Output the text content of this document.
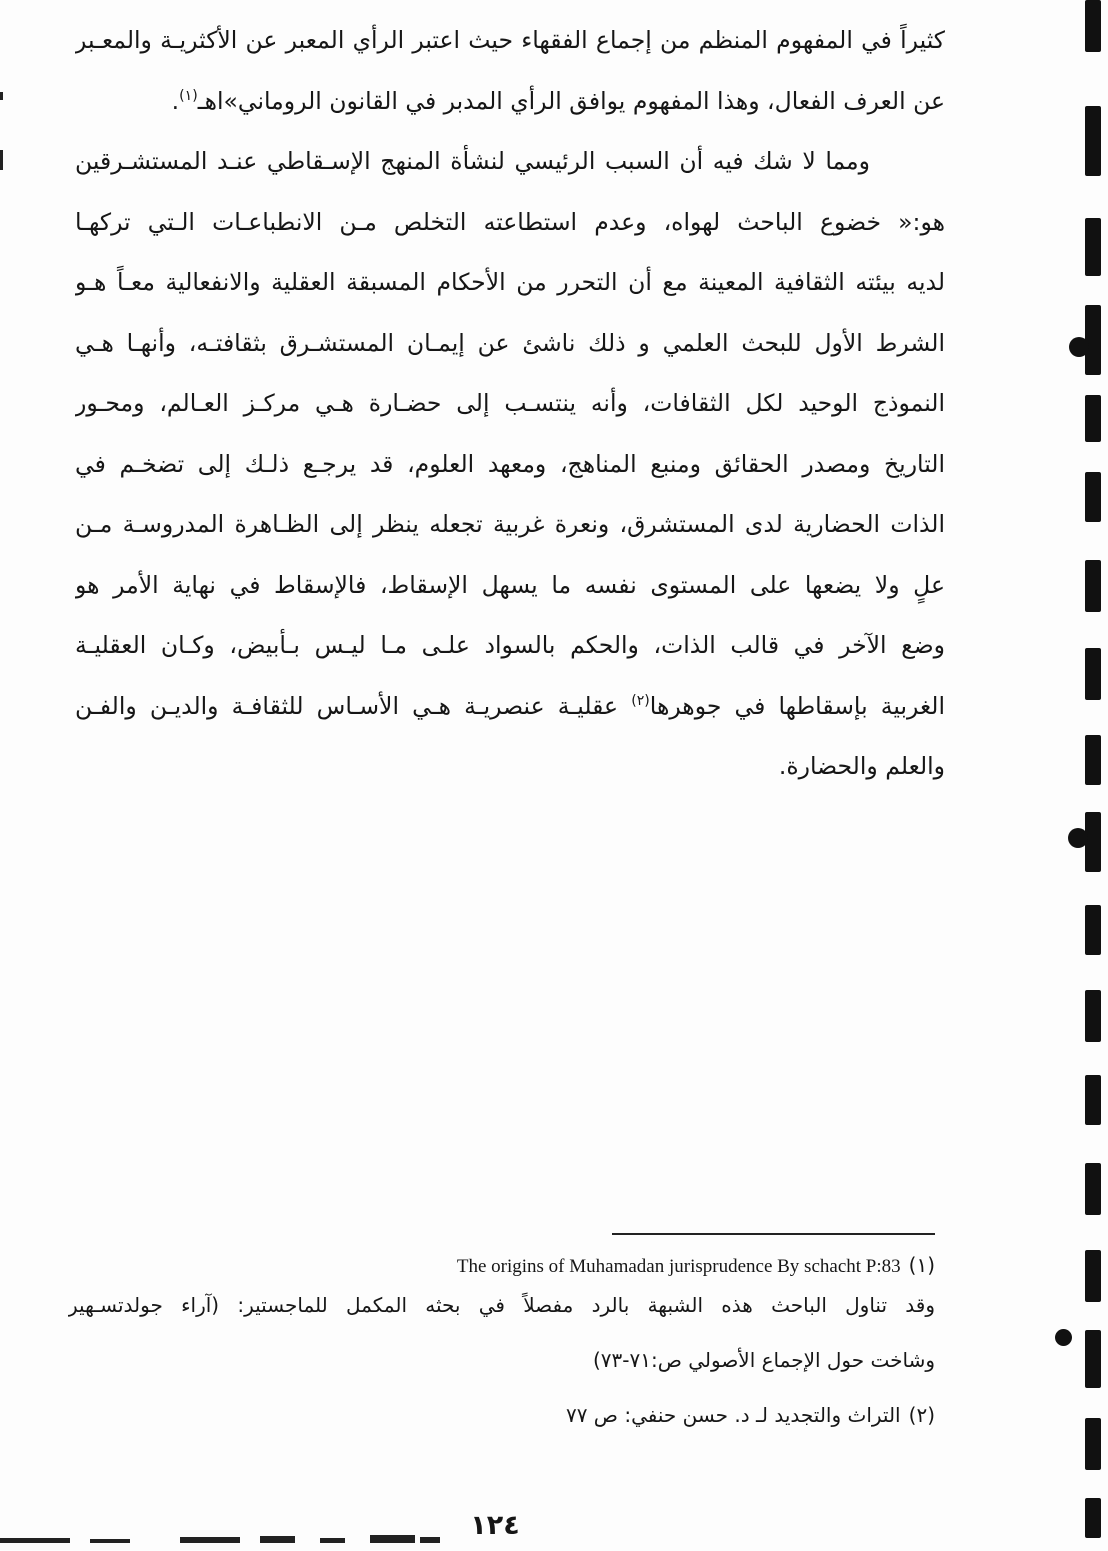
كثيراً في المفهوم المنظم من إجماع الفقهاء حيث اعتبر الرأي المعبر عن الأكثريـة والمعـبر
عن العرف الفعال، وهذا المفهوم يوافق الرأي المدبر في القانون الروماني»اهـ$^{(١)}$.
ومما لا شك فيه أن السبب الرئيسي لنشأة المنهج الإسـقاطي عنـد المستشـرقين
هو:« خضوع الباحث لهواه، وعدم استطاعته التخلص مـن الانطباعـات الـتي تركهـا
لديه بيئته الثقافية المعينة مع أن التحرر من الأحكام المسبقة العقلية والانفعالية معـاً هـو
الشرط الأول للبحث العلمي و ذلك ناشئ عن إيمـان المستشـرق بثقافتـه، وأنهـا هـي
النموذج الوحيد لكل الثقافات، وأنه ينتسـب إلى حضـارة هـي مركـز العـالم، ومحـور
التاريخ ومصدر الحقائق ومنبع المناهج، ومعهد العلوم، قد يرجـع ذلـك إلى تضخـم في
الذات الحضارية لدى المستشرق، ونعرة غربية تجعله ينظر إلى الظـاهرة المدروسـة مـن
علٍ ولا يضعها على المستوى نفسه ما يسهل الإسقاط، فالإسقاط في نهاية الأمر هو
وضع الآخر في قالب الذات، والحكم بالسواد علـى مـا ليـس بـأبيض، وكـان العقليـة
الغربية بإسقاطها في جوهرها$^{(٢)}$ عقليـة عنصريـة هـي الأسـاس للثقافـة والديـن والفـن
والعلم والحضارة.
(١)The origins of Muhamadan jurisprudence By schacht P:83
وقد تناول الباحث هذه الشبهة بالرد مفصلاً في بحثه المكمل للماجستير: (آراء جولدتسـهير
وشاخت حول الإجماع الأصولي ص:٧١-٧٣)
(٢)التراث والتجديد لـ د. حسن حنفي: ص ٧٧
١٢٤
